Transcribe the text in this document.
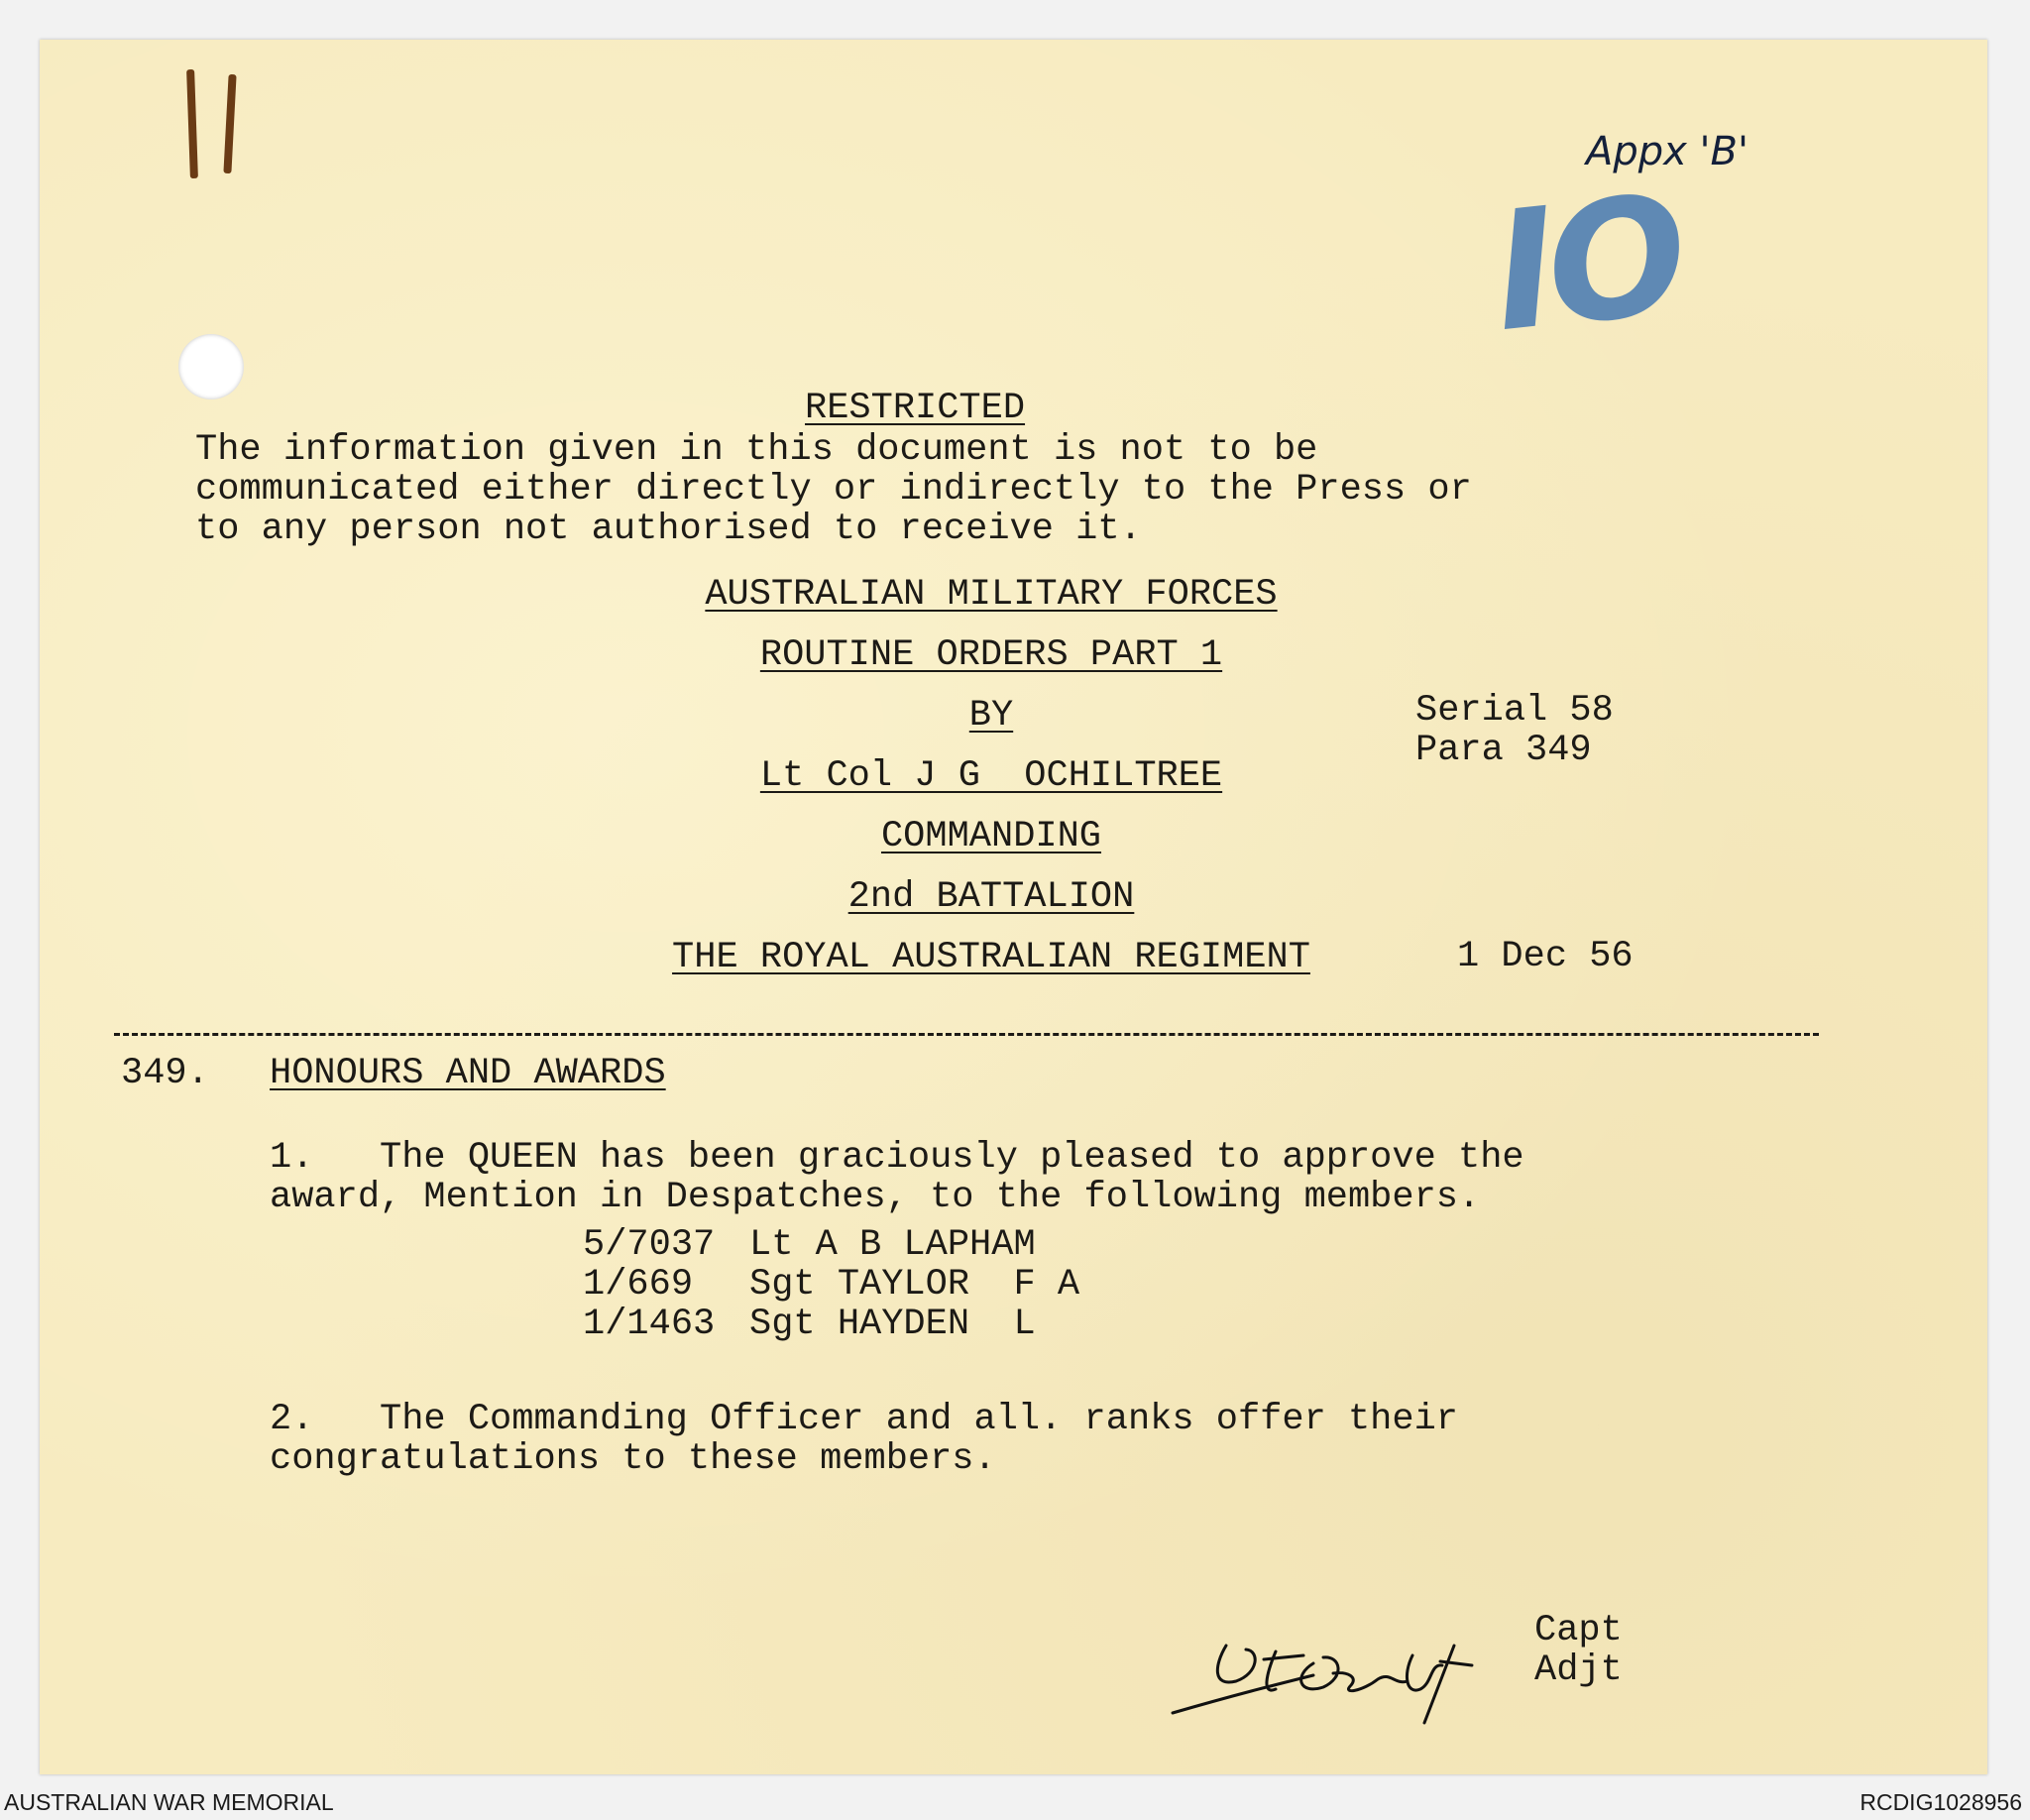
Appx 'B'
IO
RESTRICTED
The information given in this document is not to be
communicated either directly or indirectly to the Press or
to any person not authorised to receive it.
AUSTRALIAN MILITARY FORCES
ROUTINE ORDERS PART 1
BY
Lt Col J G  OCHILTREE
COMMANDING
2nd BATTALION
THE ROYAL AUSTRALIAN REGIMENT
Serial 58
Para 349
1 Dec 56
349. HONOURS AND AWARDS
1.   The QUEEN has been graciously pleased to approve the
award, Mention in Despatches, to the following members.
5/7037 Lt A B LAPHAM
1/669 Sgt TAYLOR  F A
1/1463 Sgt HAYDEN  L
2.   The Commanding Officer and all. ranks offer their
congratulations to these members.
Capt
Adjt
AUSTRALIAN WAR MEMORIAL	RCDIG1028956
